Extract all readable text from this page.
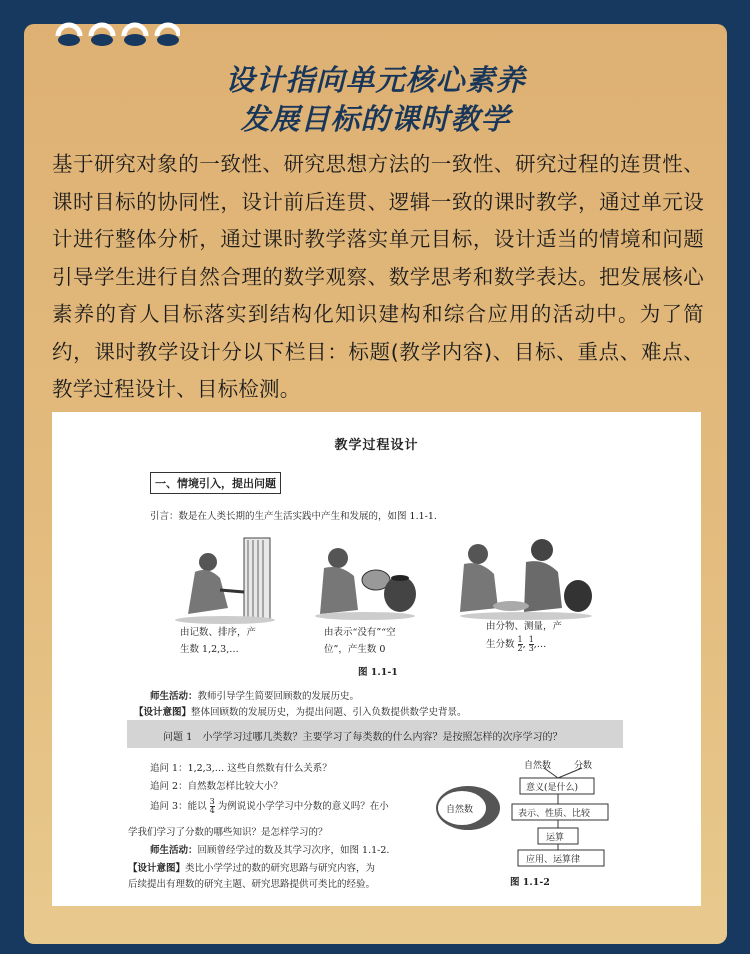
设计指向单元核心素养
发展目标的课时教学
基于研究对象的一致性、研究思想方法的一致性、研究过程的连贯性、课时目标的协同性，设计前后连贯、逻辑一致的课时教学，通过单元设计进行整体分析，通过课时教学落实单元目标，设计适当的情境和问题引导学生进行自然合理的数学观察、数学思考和数学表达。把发展核心素养的育人目标落实到结构化知识建构和综合应用的活动中。为了简约，课时教学设计分以下栏目：标题(教学内容)、目标、重点、难点、教学过程设计、目标检测。
教学过程设计
一、情境引入，提出问题
引言：数是在人类长期的生产生活实践中产生和发展的，如图 1.1-1.
由记数、排序，产
生数 1,2,3,…
由表示“没有”“空
位”，产生数 0
由分物、测量，产
生分数 $\frac{1}{2}$ , $\frac{1}{3}$ ,…
图 1.1-1
师生活动：教师引导学生简要回顾数的发展历史。
【设计意图】整体回顾数的发展历史，为提出问题、引入负数提供数学史背景。
问题 1　小学学习过哪几类数？主要学习了每类数的什么内容？是按照怎样的次序学习的？
追问 1：1,2,3,… 这些自然数有什么关系？
追问 2：自然数怎样比较大小？
追问 3：能以 $\frac{3}{4}$ 为例说说小学学习中分数的意义吗？在小
学我们学习了分数的哪些知识？是怎样学习的？
师生活动：回顾曾经学过的数及其学习次序，如图 1.1-2.
【设计意图】类比小学学过的数的研究思路与研究内容，为
后续提出有理数的研究主题、研究思路提供可类比的经验。
自然数
自然数	分数
意义(是什么)
表示、性质、比较
运算
应用、运算律
图 1.1-2
